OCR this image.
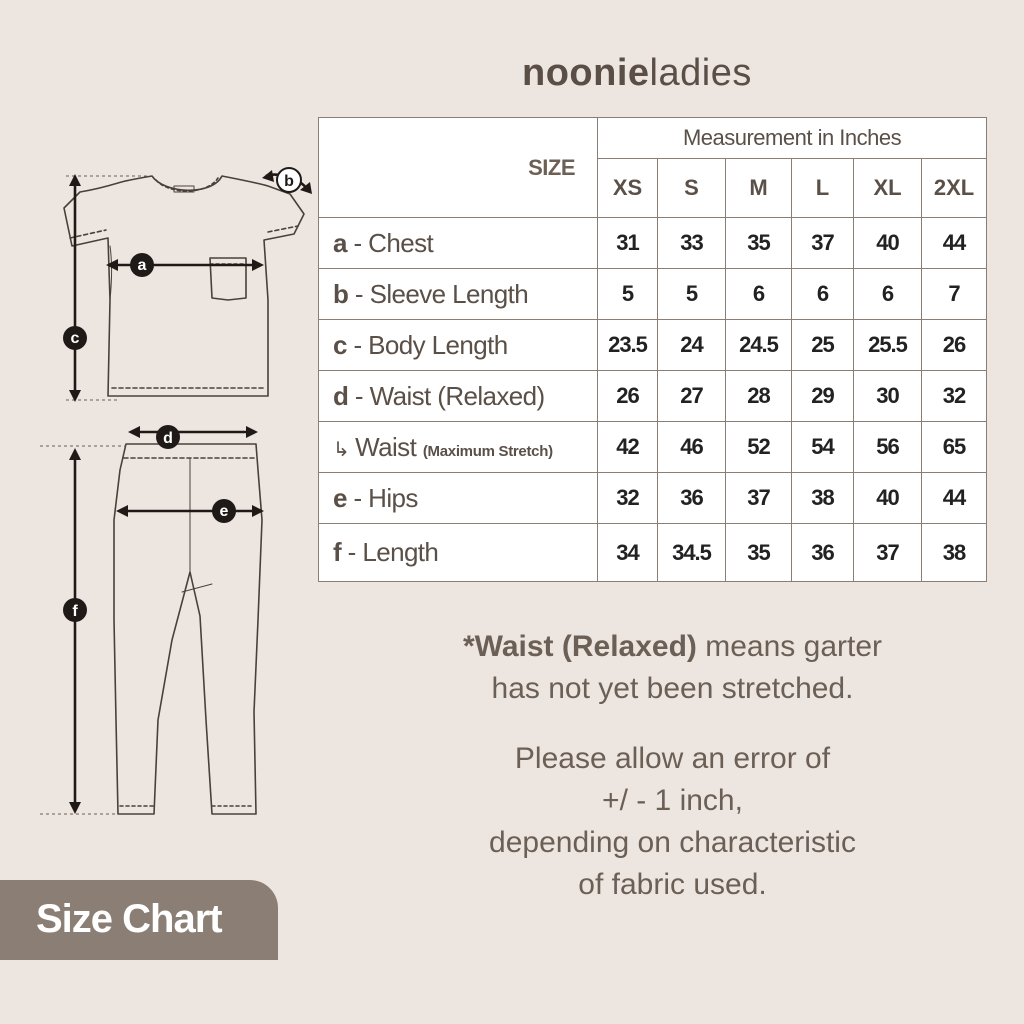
noonieladies
a
b
c
d
e
f
SIZE	Measurement in Inches					
	XS	S	M	L	XL	2XL
a - Chest	31	33	35	37	40	44
b - Sleeve Length	5	5	6	6	6	7
c - Body Length	23.5	24	24.5	25	25.5	26
d - Waist (Relaxed)	26	27	28	29	30	32
↳ Waist (Maximum Stretch)	42	46	52	54	56	65
e - Hips	32	36	37	38	40	44
f - Length	34	34.5	35	36	37	38
*Waist (Relaxed) means garter
has not yet been stretched.
Please allow an error of
+/ - 1 inch,
depending on characteristic
of fabric used.
Size Chart
